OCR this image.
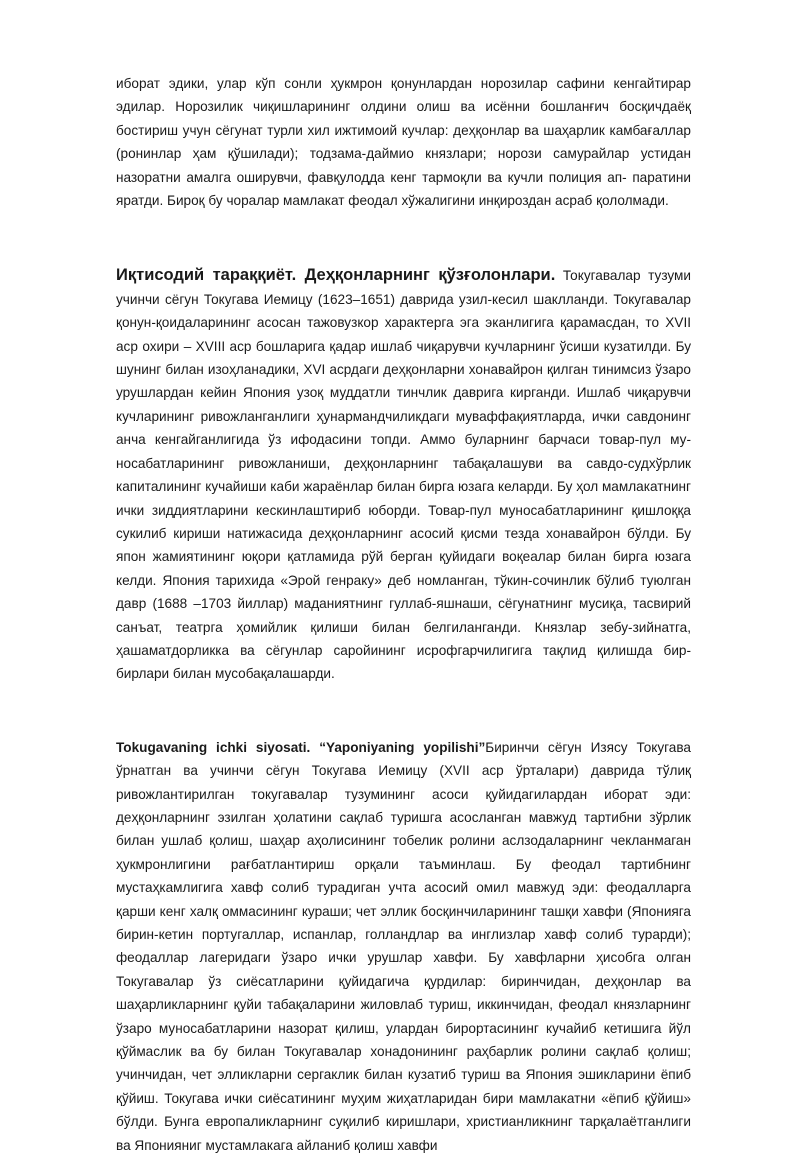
иборат эдики, улар кўп сонли ҳукмрон қонунлардан норозилар сафини кенгайтирар эдилар. Норозилик чиқишларининг олдини олиш ва исённи бошланғич босқичдаёқ бостириш учун сёгунат турли хил ижтимоий кучлар: деҳқонлар ва шаҳарлик камбағаллар (ронинлар ҳам қўшилади); тодзама-даймио князлари; норози самурайлар устидан назоратни амалга оширувчи, фавқулодда кенг тармоқли ва кучли полиция ап- паратини яратди. Бироқ бу чоралар мамлакат феодал хўжалигини инқироздан асраб қололмади.

Иқтисодий тараққиёт. Деҳқонларнинг қўзғолонлари. Токугавалар тузуми учинчи сёгун Токугава Иемицу (1623–1651) даврида узил-кесил шаклланди. Токугавалар қонун-қоидаларининг асосан тажовузкор характерга эга эканлигига қарамасдан, то XVII аср охири – XVIII аср бошларига қадар ишлаб чиқарувчи кучларнинг ўсиши кузатилди. Бу шунинг билан изоҳланадики, XVI асрдаги деҳқонларни хонавайрон қилган тинимсиз ўзаро урушлардан кейин Япония узоқ муддатли тинчлик даврига кирганди. Ишлаб чиқарувчи кучларининг ривожланганлиги ҳунармандчиликдаги муваффақиятларда, ички савдонинг анча кенгайганлигида ўз ифодасини топди. Аммо буларнинг барчаси товар-пул му- носабатларининг ривожланиши, деҳқонларнинг табақалашуви ва савдо-судхўрлик капиталининг кучайиши каби жараёнлар билан бирга юзага келарди. Бу ҳол мамлакатнинг ички зиддиятларини кескинлаштириб юборди. Товар-пул муносабатларининг қишлоққа сукилиб кириши натижасида деҳқонларнинг асосий қисми тезда хонавайрон бўлди. Бу япон жамиятининг юқори қатламида рўй берган қуйидаги воқеалар билан бирга юзага келди. Япония тарихида «Эрой генраку» деб номланган, тўкин-сочинлик бўлиб туюлган давр (1688 –1703 йиллар) маданиятнинг гуллаб-яшнаши, сёгунатнинг мусиқа, тасвирий санъат, театрга ҳомийлик қилиши билан белгиланганди. Князлар зебу-зийнатга, ҳашаматдорликка ва сёгунлар саройининг исрофгарчилигига тақлид қилишда бир-бирлари билан мусобақалашарди.

Tokugavaning ichki siyosati. “Yaponiyaning yopilishi”Биринчи сёгун Изясу Токугава ўрнатган ва учинчи сёгун Токугава Иемицу (XVII аср ўрталари) даврида тўлиқ ривожлантирилган токугавалар тузумининг асоси қуйидагилардан иборат эди: деҳқонларнинг эзилган ҳолатини сақлаб туришга асосланган мавжуд тартибни зўрлик билан ушлаб қолиш, шаҳар аҳолисининг тобелик ролини аслзодаларнинг чекланмаган ҳукмронлигини рағбатлантириш орқали таъминлаш. Бу феодал тартибнинг мустаҳкамлигига хавф солиб турадиган учта асосий омил мавжуд эди: феодалларга қарши кенг халқ оммасининг кураши; чет эллик босқинчиларининг ташқи хавфи (Японияга бирин-кетин португаллар, испанлар, голландлар ва инглизлар хавф солиб турарди); феодаллар лагеридаги ўзаро ички урушлар хавфи. Бу хавфларни ҳисобга олган Токугавалар ўз сиёсатларини қуйидагича қурдилар: биринчидан, деҳқонлар ва шаҳарликларнинг қуйи табақаларини жиловлаб туриш, иккинчидан, феодал князларнинг ўзаро муносабатларини назорат қилиш, улардан бирортасининг кучайиб кетишига йўл қўймаслик ва бу билан Токугавалар хонадонининг раҳбарлик ролини сақлаб қолиш; учинчидан, чет элликларни сергаклик билан кузатиб туриш ва Япония эшикларини ёпиб қўйиш. Токугава ички сиёсатининг муҳим жиҳатларидан бири мамлакатни «ёпиб қўйиш» бўлди. Бунга европаликларнинг суқилиб киришлари, христианликнинг тарқалаётганлиги ва Японияниг мустамлакага айланиб қолиш хавфи
